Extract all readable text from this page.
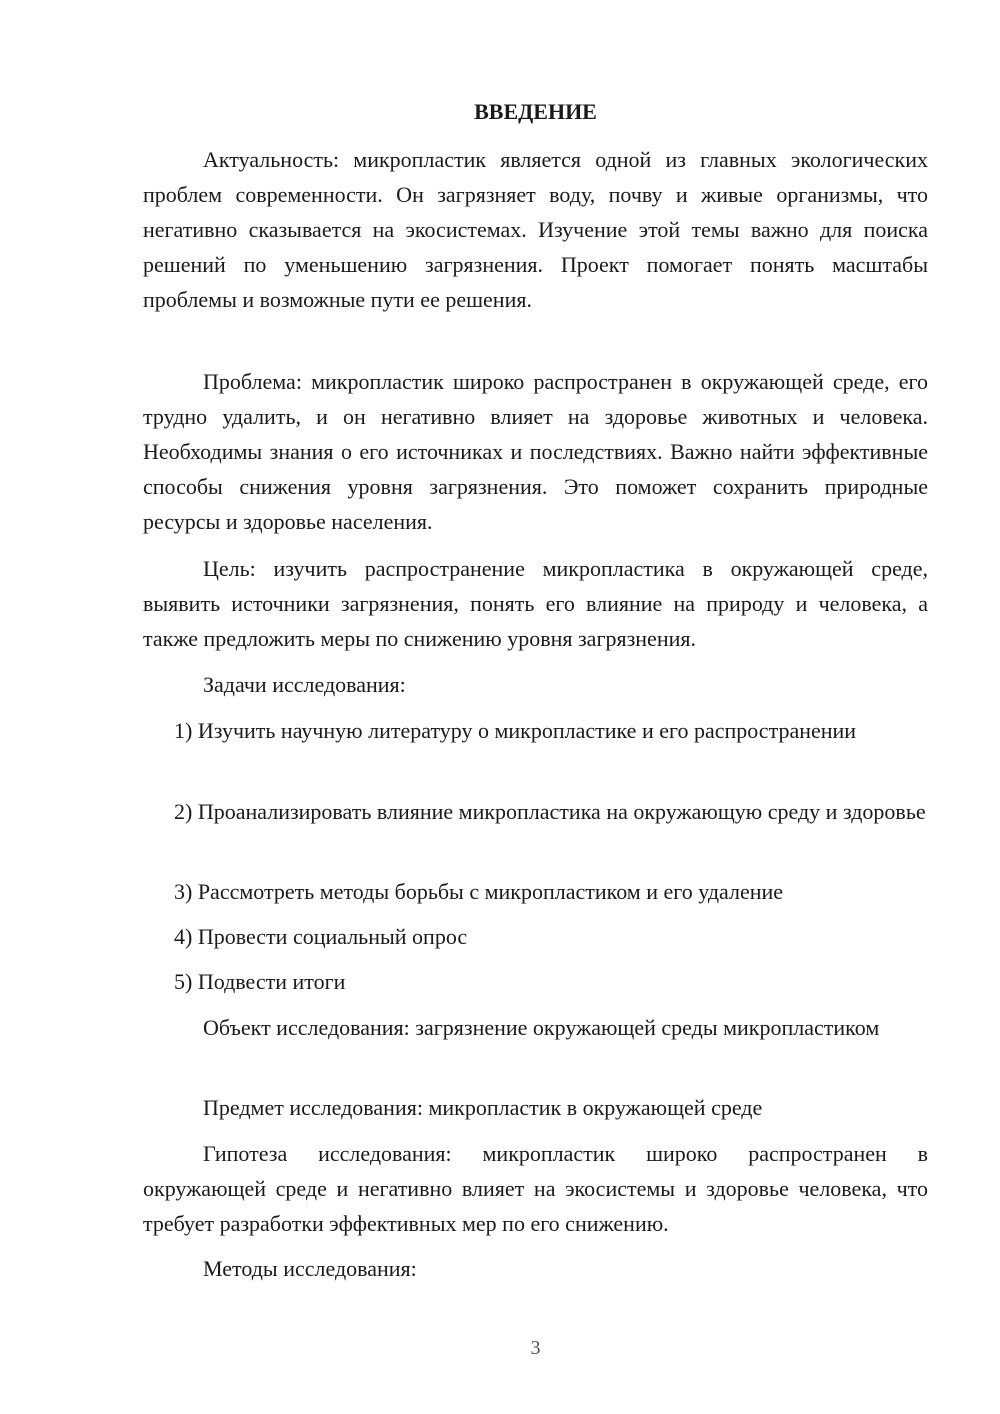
ВВЕДЕНИЕ

Актуальность: микропластик является одной из главных экологических проблем современности. Он загрязняет воду, почву и живые организмы, что негативно сказывается на экосистемах. Изучение этой темы важно для поиска решений по уменьшению загрязнения. Проект помогает понять масштабы проблемы и возможные пути ее решения.

Проблема: микропластик широко распространен в окружающей среде, его трудно удалить, и он негативно влияет на здоровье животных и человека. Необходимы знания о его источниках и последствиях. Важно найти эффективные способы снижения уровня загрязнения. Это поможет сохранить природные ресурсы и здоровье населения.

Цель: изучить распространение микропластика в окружающей среде, выявить источники загрязнения, понять его влияние на природу и человека, а также предложить меры по снижению уровня загрязнения.

Задачи исследования:

1) Изучить научную литературу о микропластике и его распространении

2) Проанализировать влияние микропластика на окружающую среду и здоровье

3) Рассмотреть методы борьбы с микропластиком и его удаление

4) Провести социальный опрос

5) Подвести итоги

Объект исследования: загрязнение окружающей среды микропластиком

Предмет исследования: микропластик в окружающей среде

Гипотеза исследования: микропластик широко распространен в окружающей среде и негативно влияет на экосистемы и здоровье человека, что требует разработки эффективных мер по его снижению.

Методы исследования:

3
